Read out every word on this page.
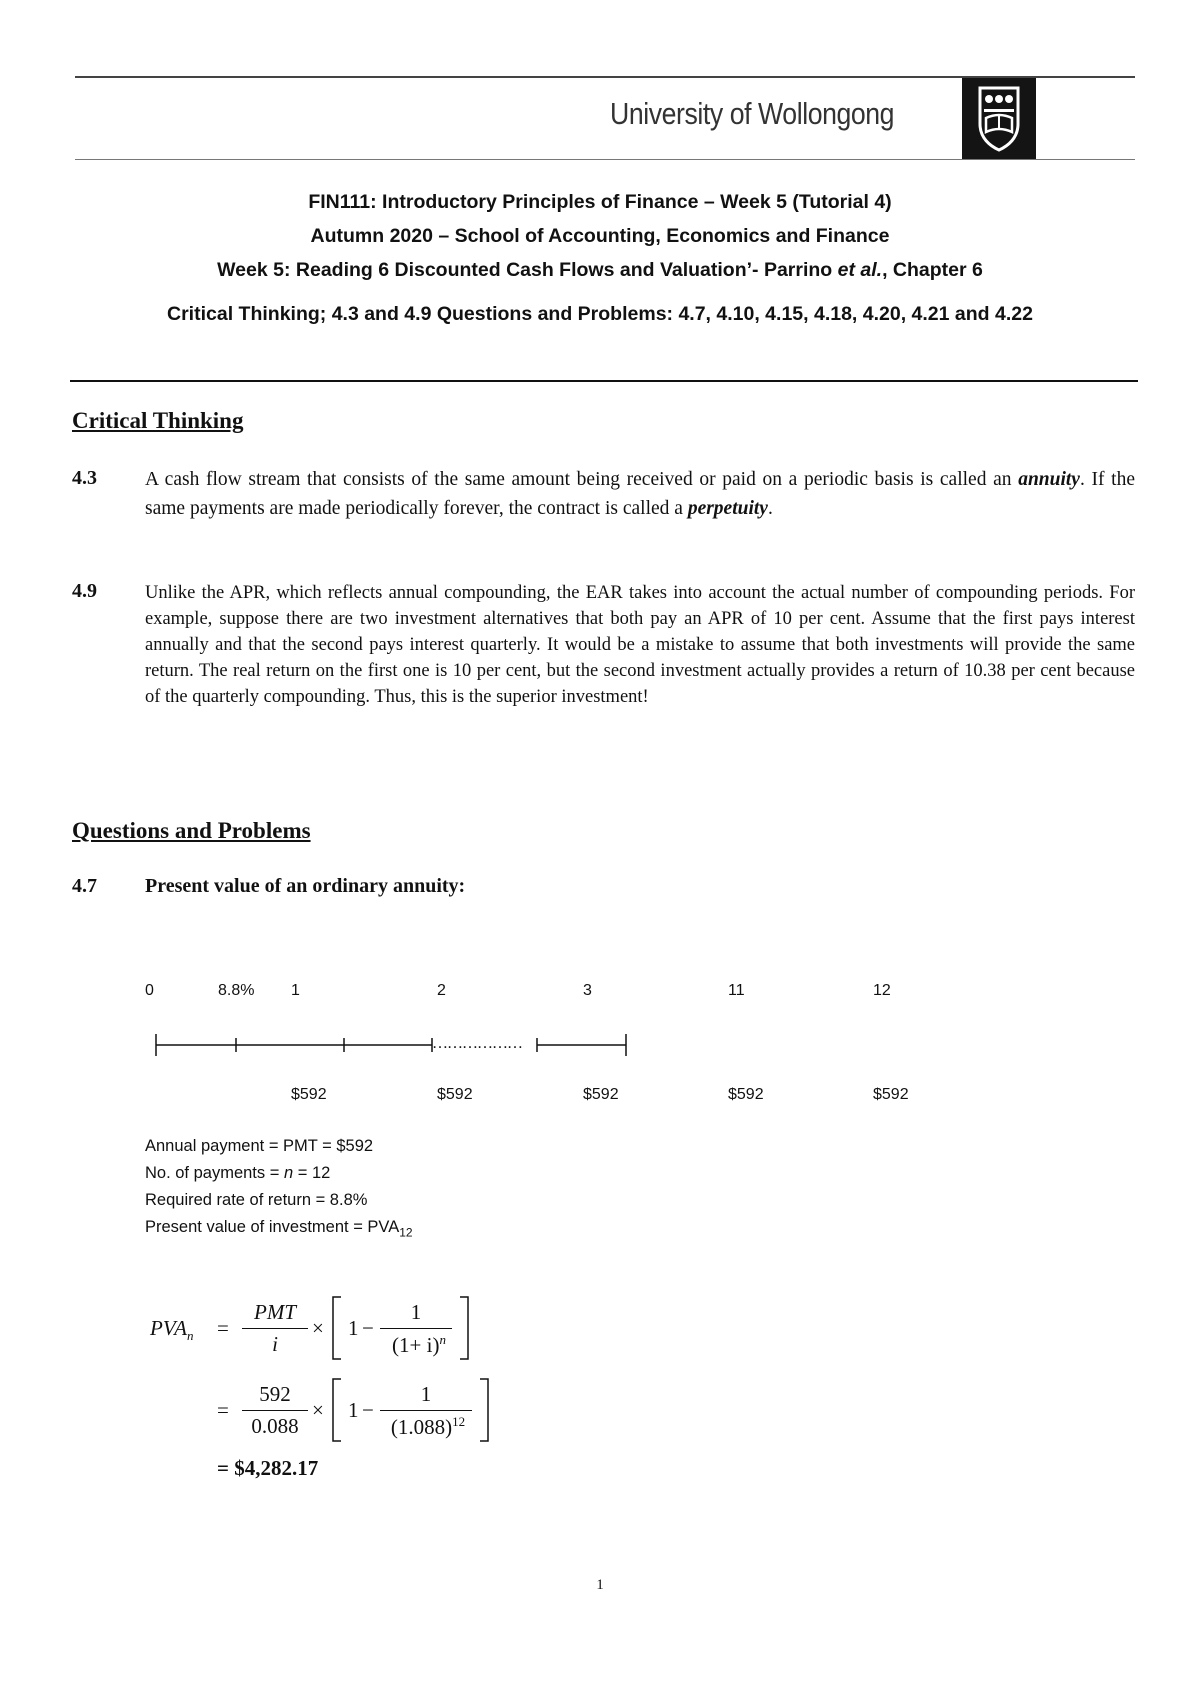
University of Wollongong
FIN111: Introductory Principles of Finance – Week 5 (Tutorial 4)
Autumn 2020 – School of Accounting, Economics and Finance
Week 5: Reading 6 Discounted Cash Flows and Valuation’- Parrino et al., Chapter 6
Critical Thinking; 4.3 and 4.9 Questions and Problems: 4.7, 4.10, 4.15, 4.18, 4.20, 4.21 and 4.22
Critical Thinking
4.3 A cash flow stream that consists of the same amount being received or paid on a periodic basis is called an annuity. If the same payments are made periodically forever, the contract is called a perpetuity.
4.9	Unlike the APR, which reflects annual compounding, the EAR takes into account the actual number of compounding periods. For example, suppose there are two investment alternatives that both pay an APR of 10 per cent. Assume that the first pays interest annually and that the second pays interest quarterly. It would be a mistake to assume that both investments will provide the same return. The real return on the first one is 10 per cent, but the second investment actually provides a return of 10.38 per cent because of the quarterly compounding. Thus, this is the superior investment!
Questions and Problems
4.7 Present value of an ordinary annuity:
0	8.8% 1	2	3	11	12
………………
$592	$592	$592	$592	$592
Annual payment = PMT = $592
No. of payments = n = 12
Required rate of return = 8.8%
Present value of investment = $PVA_{12}$
$PVA_n$ =
PMT
i
× 1 −
1
$(1+ i)^n$
=
592
0.088
× 1 −
1
$(1.088)^{12}$
= $4,282.17
1
